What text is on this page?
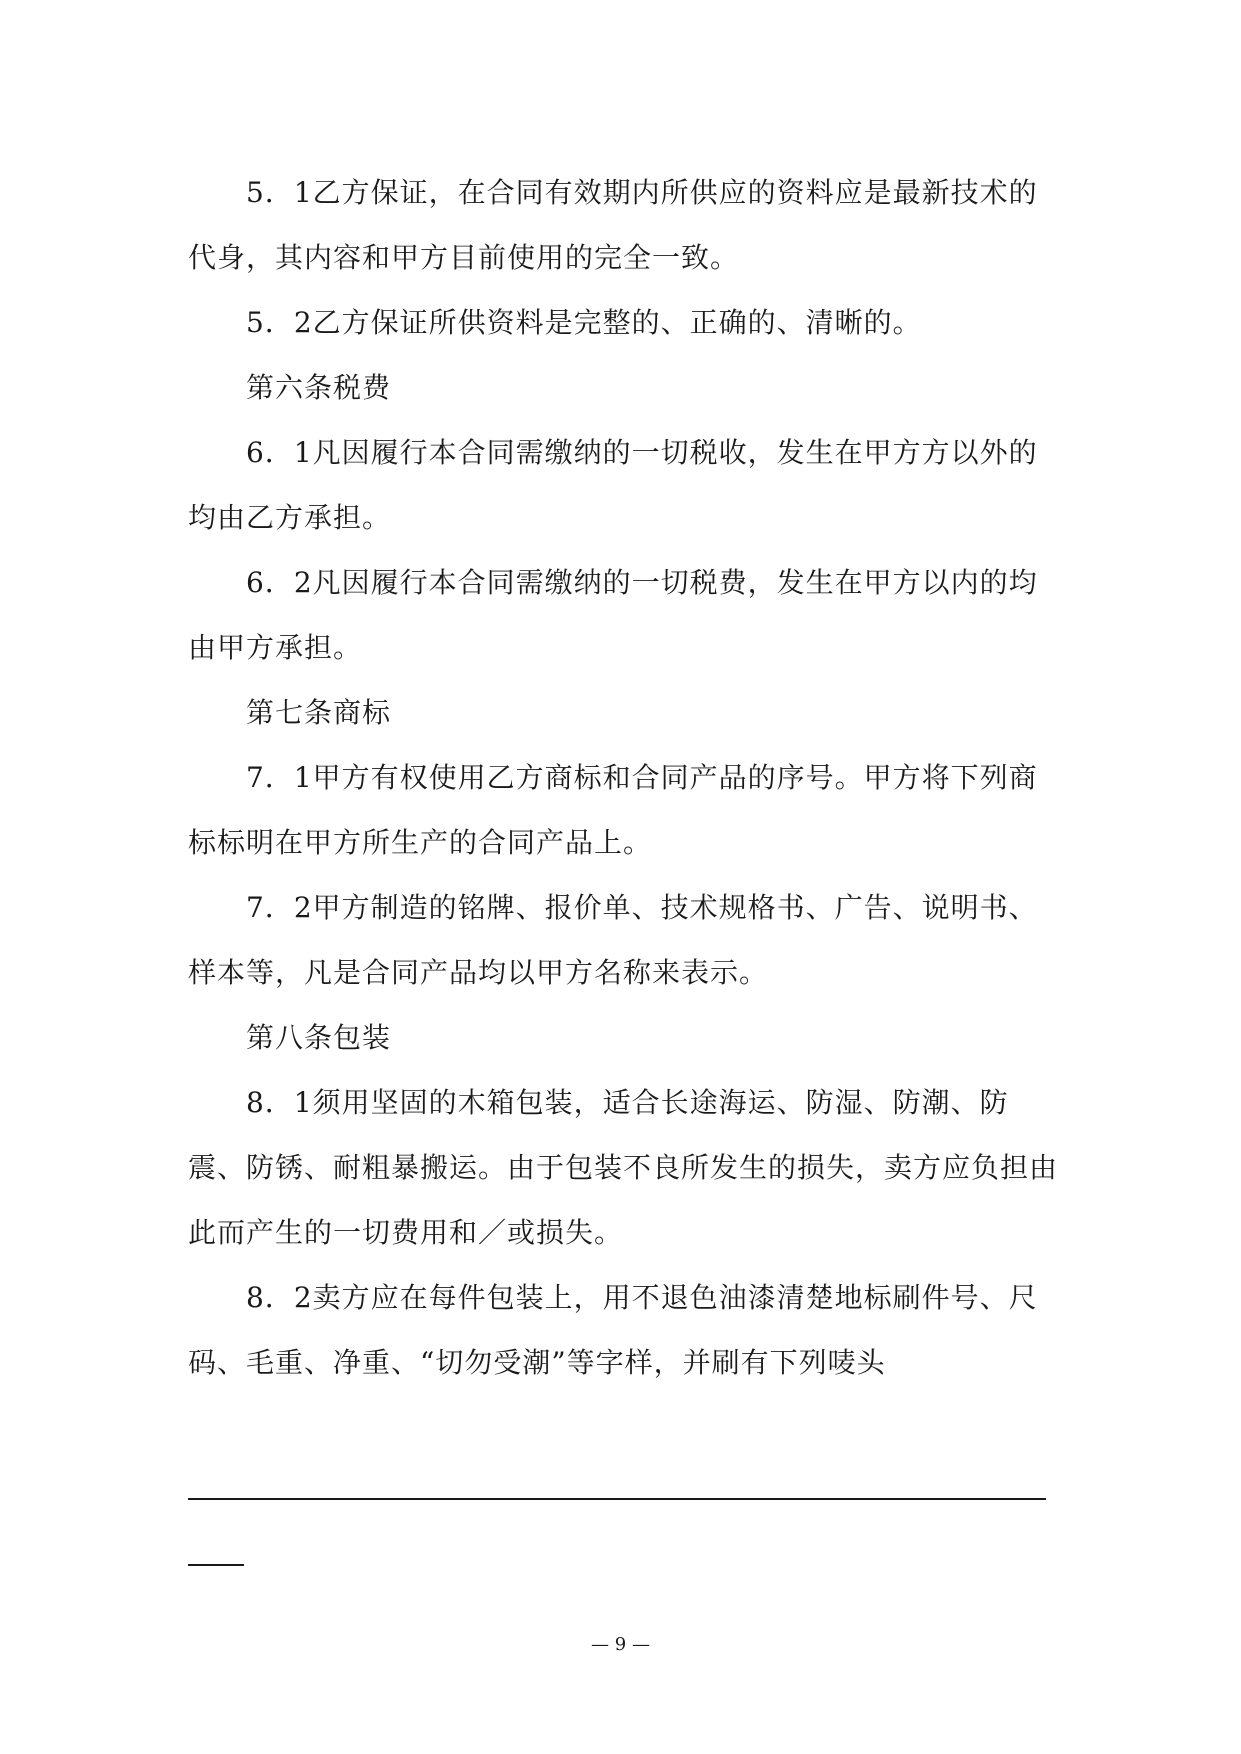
5．1乙方保证，在合同有效期内所供应的资料应是最新技术的代身，其内容和甲方目前使用的完全一致。

5．2乙方保证所供资料是完整的、正确的、清晰的。

第六条税费

6．1凡因履行本合同需缴纳的一切税收，发生在甲方方以外的均由乙方承担。

6．2凡因履行本合同需缴纳的一切税费，发生在甲方以内的均由甲方承担。

第七条商标

7．1甲方有权使用乙方商标和合同产品的序号。甲方将下列商标标明在甲方所生产的合同产品上。

7．2甲方制造的铭牌、报价单、技术规格书、广告、说明书、样本等，凡是合同产品均以甲方名称来表示。

第八条包装

8．1须用坚固的木箱包装，适合长途海运、防湿、防潮、防震、防锈、耐粗暴搬运。由于包装不良所发生的损失，卖方应负担由此而产生的一切费用和／或损失。

8．2卖方应在每件包装上，用不退色油漆清楚地标刷件号、尺码、毛重、净重、“切勿受潮”等字样，并刷有下列唛头

— 9 —
